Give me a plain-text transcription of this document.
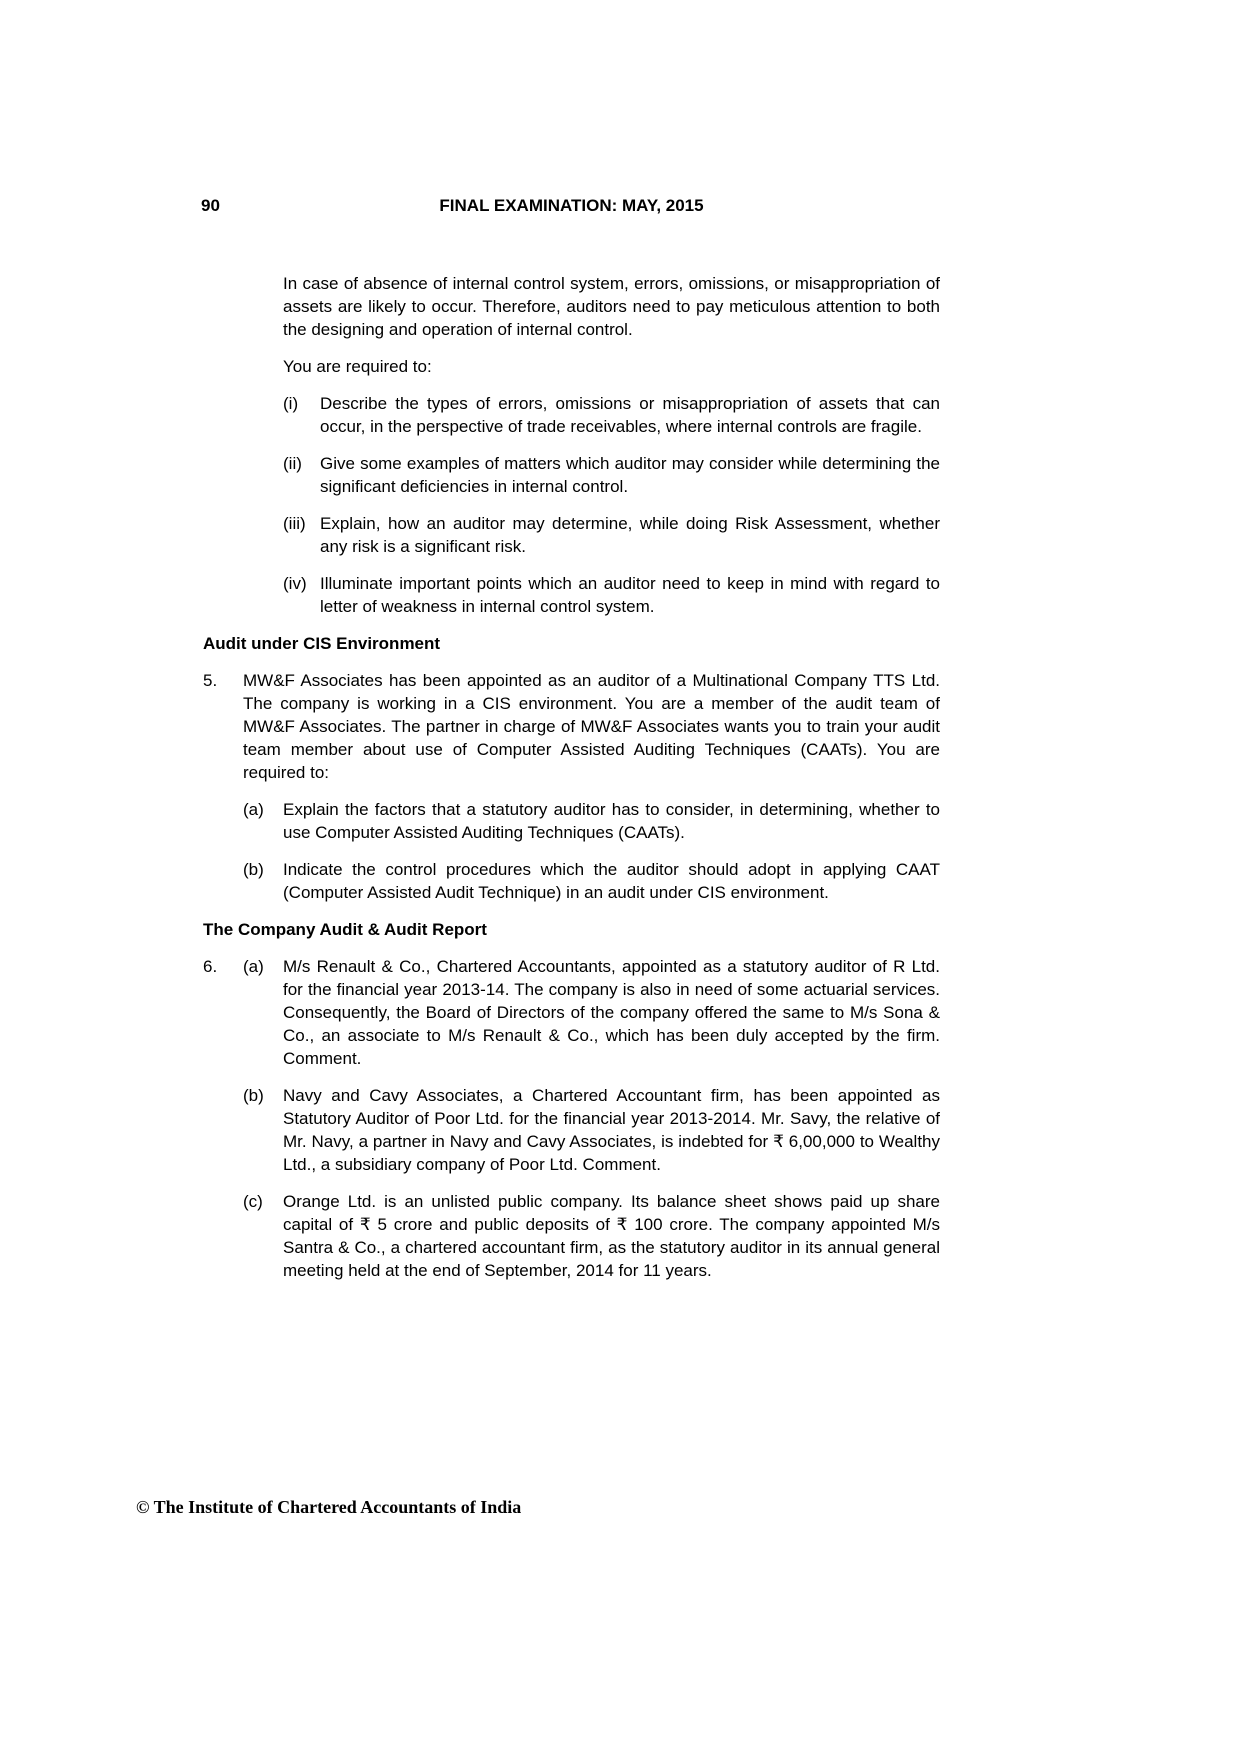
90	FINAL EXAMINATION: MAY, 2015

In case of absence of internal control system, errors, omissions, or misappropriation of assets are likely to occur. Therefore, auditors need to pay meticulous attention to both the designing and operation of internal control.

You are required to:

(i)	Describe the types of errors, omissions or misappropriation of assets that can occur, in the perspective of trade receivables, where internal controls are fragile.
(ii)	Give some examples of matters which auditor may consider while determining the significant deficiencies in internal control.
(iii) Explain, how an auditor may determine, while doing Risk Assessment, whether any risk is a significant risk.
(iv) Illuminate important points which an auditor need to keep in mind with regard to letter of weakness in internal control system.
Audit under CIS Environment
5.	MW&F Associates has been appointed as an auditor of a Multinational Company TTS Ltd. The company is working in a CIS environment. You are a member of the audit team of MW&F Associates. The partner in charge of MW&F Associates wants you to train your audit team member about use of Computer Assisted Auditing Techniques (CAATs). You are required to:
(a)	Explain the factors that a statutory auditor has to consider, in determining, whether to use Computer Assisted Auditing Techniques (CAATs).
(b)	Indicate the control procedures which the auditor should adopt in applying CAAT (Computer Assisted Audit Technique) in an audit under CIS environment.
The Company Audit & Audit Report
6.	(a)	M/s Renault & Co., Chartered Accountants, appointed as a statutory auditor of R Ltd. for the financial year 2013-14. The company is also in need of some actuarial services. Consequently, the Board of Directors of the company offered the same to M/s Sona & Co., an associate to M/s Renault & Co., which has been duly accepted by the firm. Comment.
(b)	Navy and Cavy Associates, a Chartered Accountant firm, has been appointed as Statutory Auditor of Poor Ltd. for the financial year 2013-2014. Mr. Savy, the relative of Mr. Navy, a partner in Navy and Cavy Associates, is indebted for ₹ 6,00,000 to Wealthy Ltd., a subsidiary company of Poor Ltd. Comment.
(c)	Orange Ltd. is an unlisted public company. Its balance sheet shows paid up share capital of ₹ 5 crore and public deposits of ₹ 100 crore. The company appointed M/s Santra & Co., a chartered accountant firm, as the statutory auditor in its annual general meeting held at the end of September, 2014 for 11 years.
© The Institute of Chartered Accountants of India
